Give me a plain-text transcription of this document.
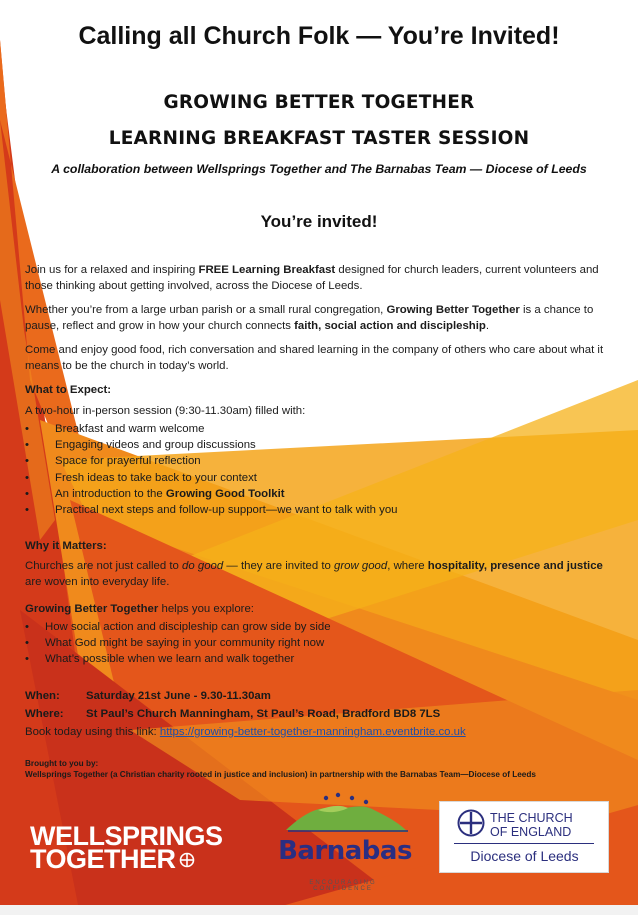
Calling all Church Folk — You’re Invited!
GROWING BETTER TOGETHER
LEARNING BREAKFAST TASTER SESSION
A collaboration between Wellsprings Together and The Barnabas Team — Diocese of Leeds
You’re invited!
Join us for a relaxed and inspiring FREE Learning Breakfast designed for church leaders, current volunteers and those thinking about getting involved, across the Diocese of Leeds.
Whether you’re from a large urban parish or a small rural congregation, Growing Better Together is a chance to pause, reflect and grow in how your church connects faith, social action and discipleship.
Come and enjoy good food, rich conversation and shared learning in the company of others who care about what it means to be the church in today’s world.
What to Expect:
A two-hour in-person session (9:30-11.30am) filled with:
• Breakfast and warm welcome
• Engaging videos and group discussions
• Space for prayerful reflection
• Fresh ideas to take back to your context
• An introduction to the Growing Good Toolkit
• Practical next steps and follow-up support—we want to talk with you
Why it Matters:
Churches are not just called to do good — they are invited to grow good, where hospitality, presence and justice are woven into everyday life.
Growing Better Together helps you explore:
• How social action and discipleship can grow side by side
• What God might be saying in your community right now
• What’s possible when we learn and walk together
When: Saturday 21st June - 9.30-11.30am
Where: St Paul’s Church Manningham, St Paul’s Road, Bradford BD8 7LS
Book today using this link: https://growing-better-together-manningham.eventbrite.co.uk
Brought to you by:
Wellsprings Together (a Christian charity rooted in justice and inclusion) in partnership with the Barnabas Team—Diocese of Leeds
WELLSPRINGS
TOGETHER	Barnabas
ENCOURAGING CONFIDENCE
THE CHURCH
OF ENGLAND
Diocese of Leeds
